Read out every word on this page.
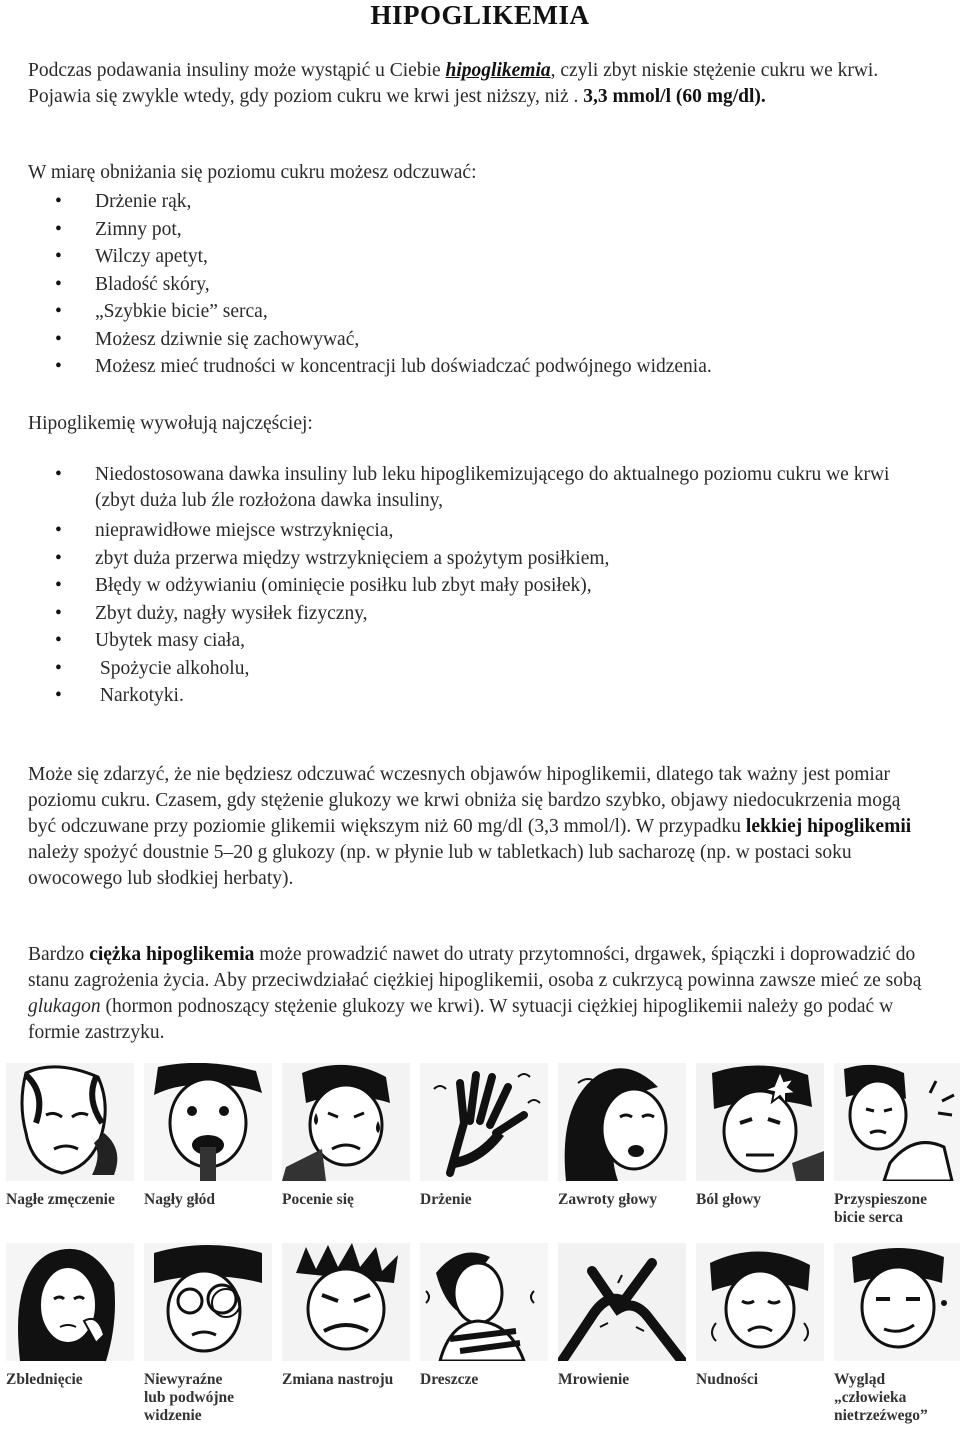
HIPOGLIKEMIA

Podczas podawania insuliny może wystąpić u Ciebie hipoglikemia, czyli zbyt niskie stężenie cukru we krwi. Pojawia się zwykle wtedy, gdy poziom cukru we krwi jest niższy, niż . 3,3 mmol/l (60 mg/dl).

W miarę obniżania się poziomu cukru możesz odczuwać:

• Drżenie rąk,
• Zimny pot,
• Wilczy apetyt,
• Bladość skóry,
• „Szybkie bicie” serca,
• Możesz dziwnie się zachowywać,
• Możesz mieć trudności w koncentracji lub doświadczać podwójnego widzenia.

Hipoglikemię wywołują najczęściej:

• Niedostosowana dawka insuliny lub leku hipoglikemizującego do aktualnego poziomu cukru we krwi (zbyt duża lub źle rozłożona dawka insuliny,
• nieprawidłowe miejsce wstrzyknięcia,
• zbyt duża przerwa między wstrzyknięciem a spożytym posiłkiem,
• Błędy w odżywianiu (ominięcie posiłku lub zbyt mały posiłek),
• Zbyt duży, nagły wysiłek fizyczny,
• Ubytek masy ciała,
•  Spożycie alkoholu,
•  Narkotyki.

Może się zdarzyć, że nie będziesz odczuwać wczesnych objawów hipoglikemii, dlatego tak ważny jest pomiar poziomu cukru. Czasem, gdy stężenie glukozy we krwi obniża się bardzo szybko, objawy niedocukrzenia mogą być odczuwane przy poziomie glikemii większym niż 60 mg/dl (3,3 mmol/l). W przypadku lekkiej hipoglikemii należy spożyć doustnie 5–20 g glukozy (np. w płynie lub w tabletkach) lub sacharozę (np. w postaci soku owocowego lub słodkiej herbaty).

Bardzo ciężka hipoglikemia może prowadzić nawet do utraty przytomności, drgawek, śpiączki i doprowadzić do stanu zagrożenia życia. Aby przeciwdziałać ciężkiej hipoglikemii, osoba z cukrzycą powinna zawsze mieć ze sobą glukagon (hormon podnoszący stężenie glukozy we krwi). W sytuacji ciężkiej hipoglikemii należy go podać w formie zastrzyku.

Nagłe zmęczenie	Nagły głód	Pocenie się	Drżenie	Zawroty głowy	Ból głowy	Przyspieszone
bicie serca
Zblednięcie	Niewyraźne
lub podwójne
widzenie
Zmiana nastroju	Dreszcze	Mrowienie	Nudności	Wygląd
„człowieka
nietrzeźwego”
